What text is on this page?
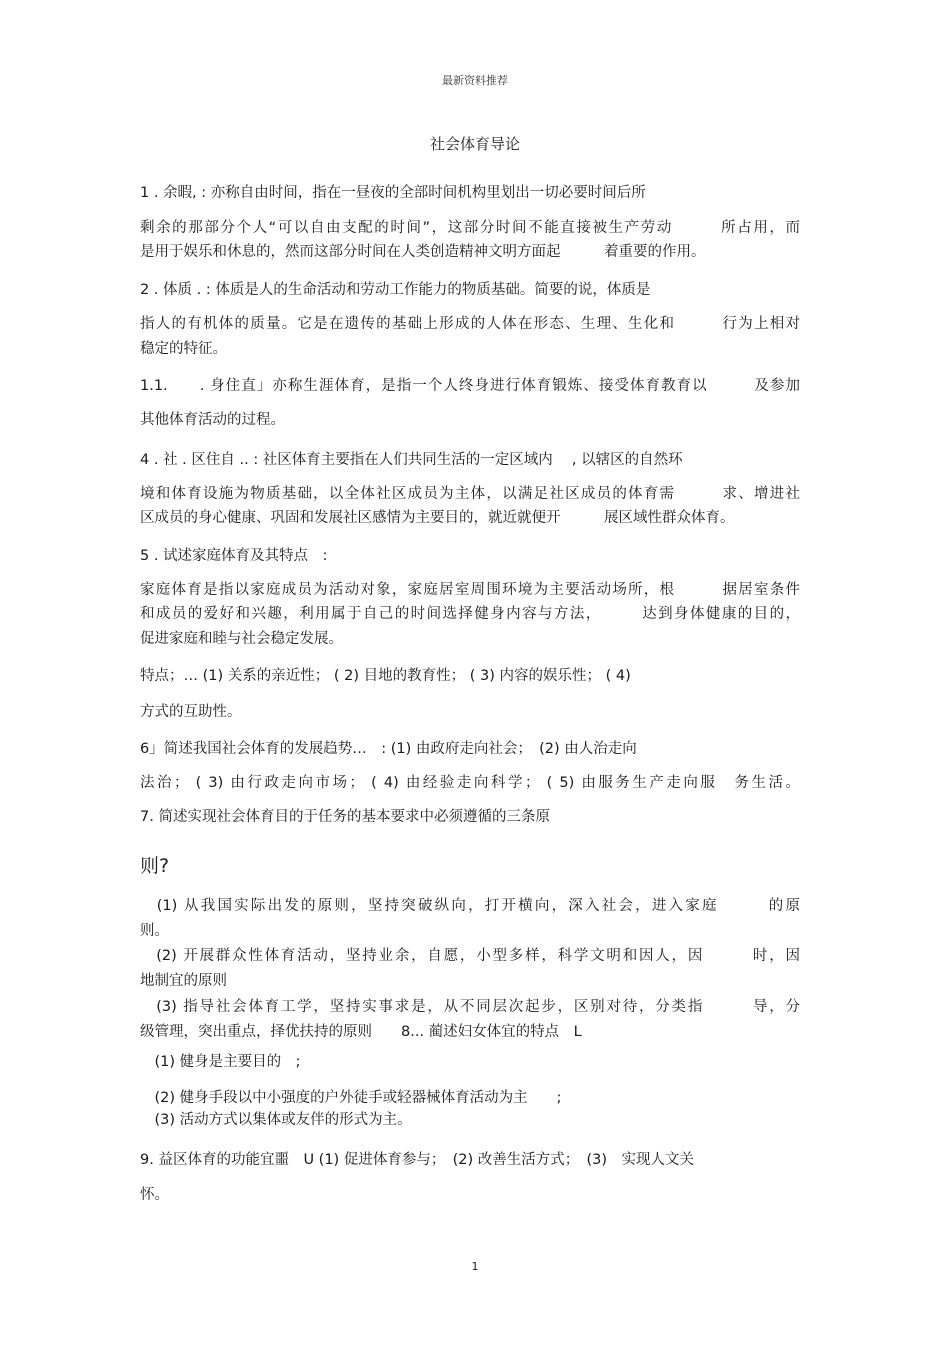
最新资料推荐
社会体育导论
1 . 余暇, : 亦称自由时间，指在一昼夜的全部时间机构里划出一切必要时间后所
剩余的那部分个人“可以自由支配的时间”，这部分时间不能直接被生产劳动　　　所占用，而
是用于娱乐和休息的，然而这部分时间在人类创造精神文明方面起　　　着重要的作用。
2 . 体质 . : 体质是人的生命活动和劳动工作能力的物质基础。简要的说，体质是
指人的有机体的质量。它是在遗传的基础上形成的人体在形态、生理、生化和　　　行为上相对
稳定的特征。
1.1.　　. 身住直」亦称生涯体育，是指一个人终身进行体育锻炼、接受体育教育以　　　及参加
其他体育活动的过程。
4 . 社 . 区住自 .. : 社区体育主要指在人们共同生活的一定区域内　 , 以辖区的自然环
境和体育设施为物质基础，以全体社区成员为主体，以满足社区成员的体育需　　　求、增进社
区成员的身心健康、巩固和发展社区感情为主要目的，就近就便开　　　展区域性群众体育。
5 . 试述家庭体育及其特点　:
家庭体育是指以家庭成员为活动对象，家庭居室周围环境为主要活动场所，根　　　据居室条件
和成员的爱好和兴趣，利用属于自己的时间选择健身内容与方法，　　　达到身体健康的目的，
促进家庭和睦与社会稳定发展。
特点；… (1) 关系的亲近性； ( 2) 目地的教育性； ( 3) 内容的娱乐性； ( 4)
方式的互助性。
6」简述我国社会体育的发展趋势…　: (1) 由政府走向社会；　(2) 由人治走向
法治； ( 3) 由行政走向市场； ( 4) 由经验走向科学； ( 5) 由服务生产走向服　务生活。
7. 简述实现社会体育目的于任务的基本要求中必须遵循的三条原
则?
　(1) 从我国实际出发的原则，坚持突破纵向，打开横向，深入社会，进入家庭　　　的原
则。
　(2) 开展群众性体育活动，坚持业余，自愿，小型多样，科学文明和因人，因　　　时，因
地制宜的原则
　(3) 指导社会体育工学，坚持实事求是，从不同层次起步，区别对待，分类指　　　导，分
级管理，突出重点，择优扶持的原则　　8... 蔺述妇女体宜的特点　L
　(1) 健身是主要目的　;
　(2) 健身手段以中小强度的户外徒手或轻器械体育活动为主　　;
　(3) 活动方式以集体或友伴的形式为主。
9. 益区体育的功能宜噩　U (1) 促进体育参与；　(2) 改善生活方式；　(3)　实现人文关
怀。
1
